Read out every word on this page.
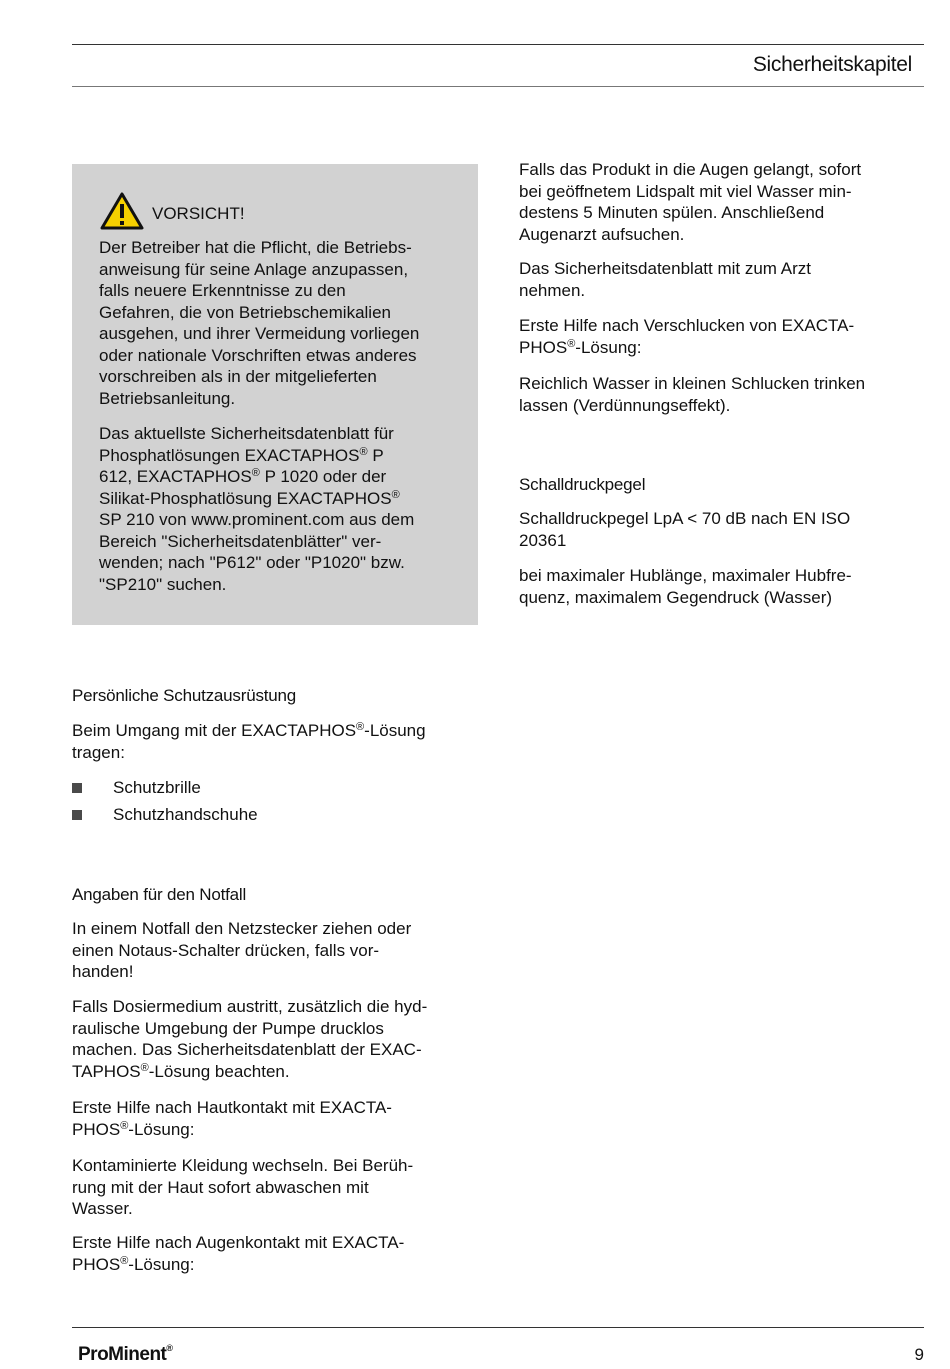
Sicherheitskapitel
VORSICHT!

Der Betreiber hat die Pflicht, die Betriebs-
anweisung für seine Anlage anzupassen,
falls neuere Erkenntnisse zu den
Gefahren, die von Betriebschemikalien
ausgehen, und ihrer Vermeidung vorliegen
oder nationale Vorschriften etwas anderes
vorschreiben als in der mitgelieferten
Betriebsanleitung.

Das aktuellste Sicherheitsdatenblatt für
Phosphatlösungen EXACTAPHOS® P
612, EXACTAPHOS® P 1020 oder der
Silikat-Phosphatlösung EXACTAPHOS®
SP 210 von www.prominent.com aus dem
Bereich "Sicherheitsdatenblätter" ver-
wenden; nach "P612" oder "P1020" bzw.
"SP210" suchen.

Persönliche Schutzausrüstung
Beim Umgang mit der EXACTAPHOS®-Lösung
tragen:
Schutzbrille
Schutzhandschuhe
Angaben für den Notfall
In einem Notfall den Netzstecker ziehen oder
einen Notaus-Schalter drücken, falls vor-
handen!
Falls Dosiermedium austritt, zusätzlich die hyd-
raulische Umgebung der Pumpe drucklos
machen. Das Sicherheitsdatenblatt der EXAC-
TAPHOS®-Lösung beachten.
Erste Hilfe nach Hautkontakt mit EXACTA-
PHOS®-Lösung:
Kontaminierte Kleidung wechseln. Bei Berüh-
rung mit der Haut sofort abwaschen mit
Wasser.
Erste Hilfe nach Augenkontakt mit EXACTA-
PHOS®-Lösung:
Falls das Produkt in die Augen gelangt, sofort
bei geöffnetem Lidspalt mit viel Wasser min-
destens 5 Minuten spülen. Anschließend
Augenarzt aufsuchen.
Das Sicherheitsdatenblatt mit zum Arzt
nehmen.
Erste Hilfe nach Verschlucken von EXACTA-
PHOS®-Lösung:
Reichlich Wasser in kleinen Schlucken trinken
lassen (Verdünnungseffekt).
Schalldruckpegel
Schalldruckpegel LpA < 70 dB nach EN ISO
20361
bei maximaler Hublänge, maximaler Hubfre-
quenz, maximalem Gegendruck (Wasser)
ProMinent®	9
